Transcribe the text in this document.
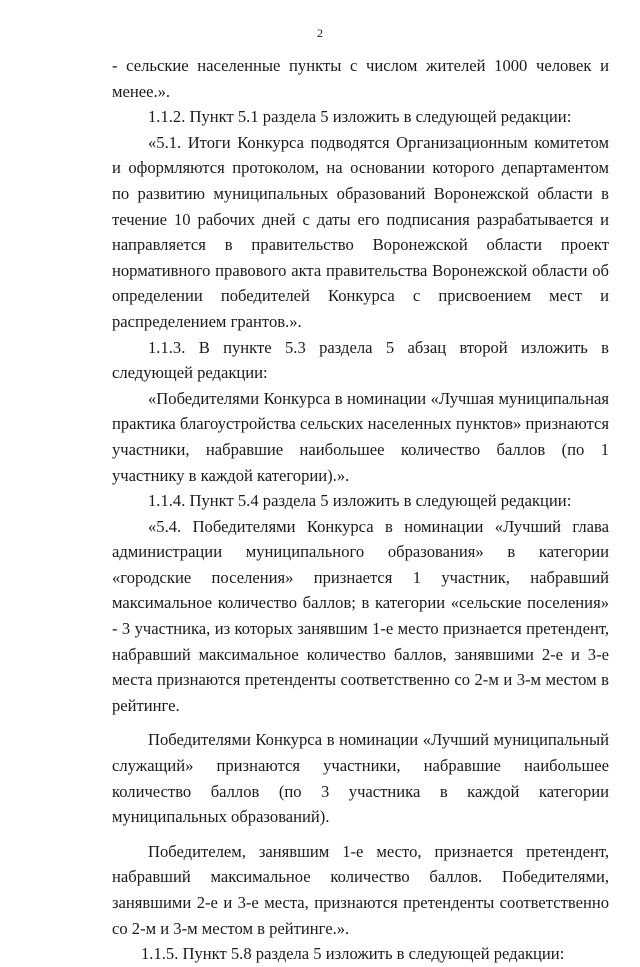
2

- сельские населенные пункты с числом жителей 1000 человек и менее.».

1.1.2. Пункт 5.1 раздела 5 изложить в следующей редакции:

«5.1. Итоги Конкурса подводятся Организационным комитетом и оформляются протоколом, на основании которого департаментом по развитию муниципальных образований Воронежской области в течение 10 рабочих дней с даты его подписания разрабатывается и направляется в правительство Воронежской области проект нормативного правового акта правительства Воронежской области об определении победителей Конкурса с присвоением мест и распределением грантов.».

1.1.3. В пункте 5.3 раздела 5 абзац второй изложить в следующей редакции:

«Победителями Конкурса в номинации «Лучшая муниципальная практика благоустройства сельских населенных пунктов» признаются участники, набравшие наибольшее количество баллов (по 1 участнику в каждой категории).».

1.1.4. Пункт 5.4 раздела 5 изложить в следующей редакции:

«5.4. Победителями Конкурса в номинации «Лучший глава администрации муниципального образования» в категории «городские поселения» признается 1 участник, набравший максимальное количество баллов; в категории «сельские поселения» - 3 участника, из которых занявшим 1-е место признается претендент, набравший максимальное количество баллов, занявшими 2-е и 3-е места признаются претенденты соответственно со 2-м и 3-м местом в рейтинге.

Победителями Конкурса в номинации «Лучший муниципальный служащий» признаются участники, набравшие наибольшее количество баллов (по 3 участника в каждой категории муниципальных образований).

Победителем, занявшим 1-е место, признается претендент, набравший максимальное количество баллов. Победителями, занявшими 2-е и 3-е места, признаются претенденты соответственно со 2-м и 3-м местом в рейтинге.».

1.1.5. Пункт 5.8 раздела 5 изложить в следующей редакции:
